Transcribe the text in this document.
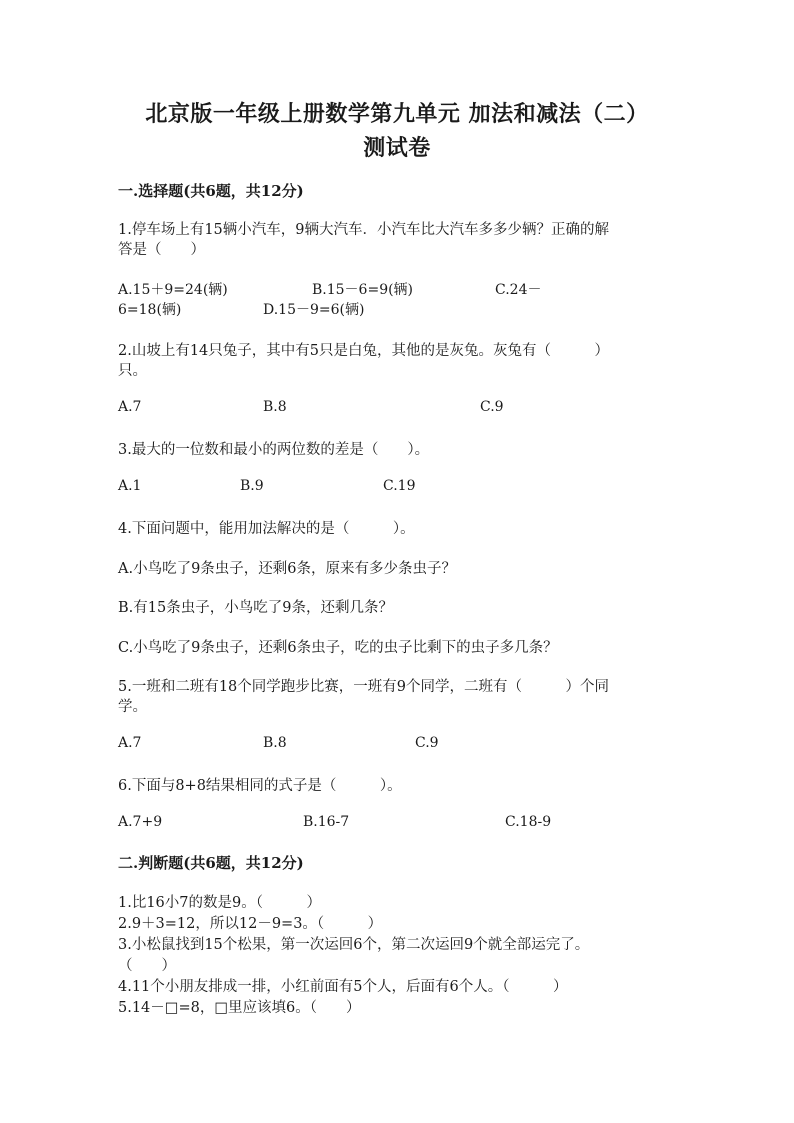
北京版一年级上册数学第九单元 加法和减法（二）
测试卷
一.选择题(共6题，共12分)
1.停车场上有15辆小汽车，9辆大汽车．小汽车比大汽车多多少辆？正确的解
答是（　　）
A.15＋9=24(辆)	B.15－6=9(辆)	C.24－
6=18(辆)	D.15－9=6(辆)
2.山坡上有14只兔子，其中有5只是白兔，其他的是灰兔。灰兔有（　　　）
只。
A.7	B.8	C.9
3.最大的一位数和最小的两位数的差是（　　）。
A.1	B.9	C.19
4.下面问题中，能用加法解决的是（　　　）。
A.小鸟吃了9条虫子，还剩6条，原来有多少条虫子？
B.有15条虫子，小鸟吃了9条，还剩几条？
C.小鸟吃了9条虫子，还剩6条虫子，吃的虫子比剩下的虫子多几条？
5.一班和二班有18个同学跑步比赛，一班有9个同学，二班有（　　　）个同
学。
A.7	B.8	C.9
6.下面与8+8结果相同的式子是（　　　）。
A.7+9	B.16-7	C.18-9
二.判断题(共6题，共12分)
1.比16小7的数是9。（　　　）
2.9＋3=12，所以12－9=3。（　　　）
3.小松鼠找到15个松果，第一次运回6个，第二次运回9个就全部运完了。
（　　）
4.11个小朋友排成一排，小红前面有5个人，后面有6个人。（　　　）
5.14－□=8，□里应该填6。（　　）
